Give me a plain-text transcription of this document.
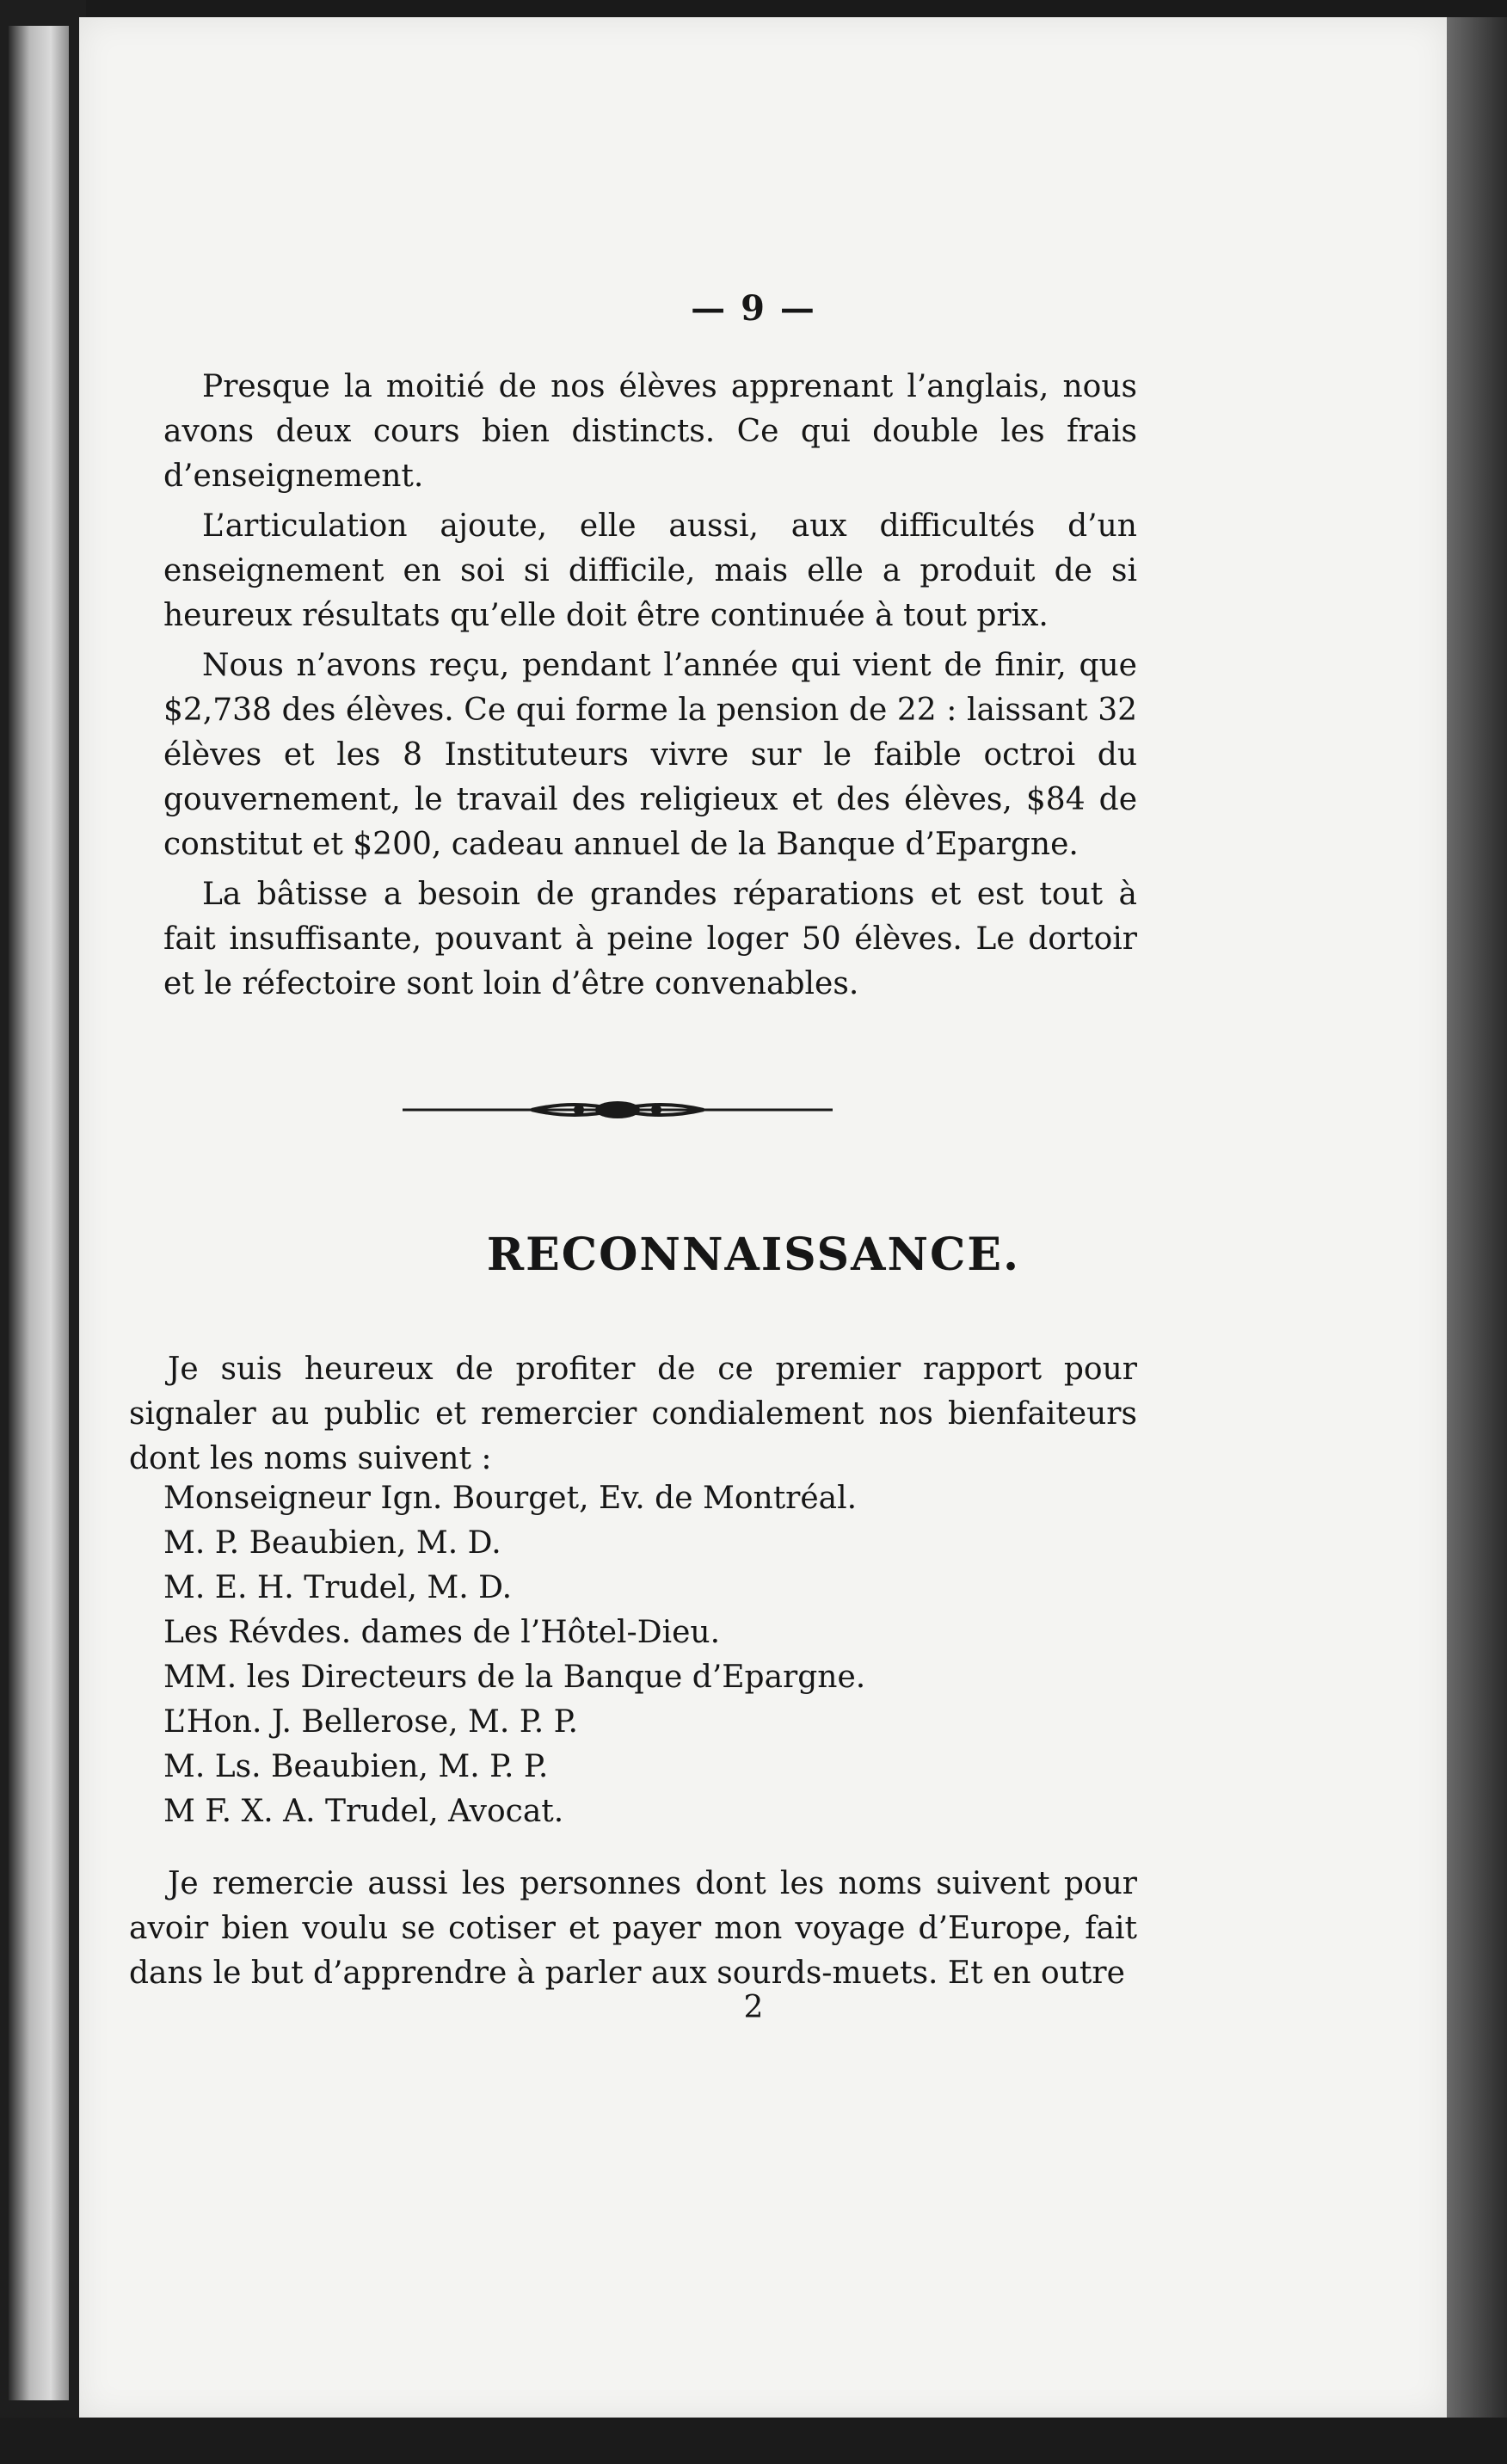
— 9 —

Presque la moitié de nos élèves apprenant l’anglais, nous avons deux cours bien distincts. Ce qui double les frais d’enseignement.

L’articulation ajoute, elle aussi, aux difficultés d’un enseignement en soi si difficile, mais elle a produit de si heureux résultats qu’elle doit être continuée à tout prix.

Nous n’avons reçu, pendant l’année qui vient de finir, que $2,738 des élèves. Ce qui forme la pension de 22 : laissant 32 élèves et les 8 Instituteurs vivre sur le faible octroi du gouvernement, le travail des religieux et des élèves, $84 de constitut et $200, cadeau annuel de la Banque d’Epargne.

La bâtisse a besoin de grandes réparations et est tout à fait insuffisante, pouvant à peine loger 50 élèves. Le dortoir et le réfectoire sont loin d’être convenables.

RECONNAISSANCE.

Je suis heureux de profiter de ce premier rapport pour signaler au public et remercier condialement nos bienfaiteurs dont les noms suivent :

Monseigneur Ign. Bourget, Ev. de Montréal.
M. P. Beaubien, M. D.
M. E. H. Trudel, M. D.
Les Révdes. dames de l’Hôtel-Dieu.
MM. les Directeurs de la Banque d’Epargne.
L’Hon. J. Bellerose, M. P. P.
M. Ls. Beaubien, M. P. P.
M F. X. A. Trudel, Avocat.

Je remercie aussi les personnes dont les noms suivent pour avoir bien voulu se cotiser et payer mon voyage d’Europe, fait dans le but d’apprendre à parler aux sourds-muets. Et en outre

2
